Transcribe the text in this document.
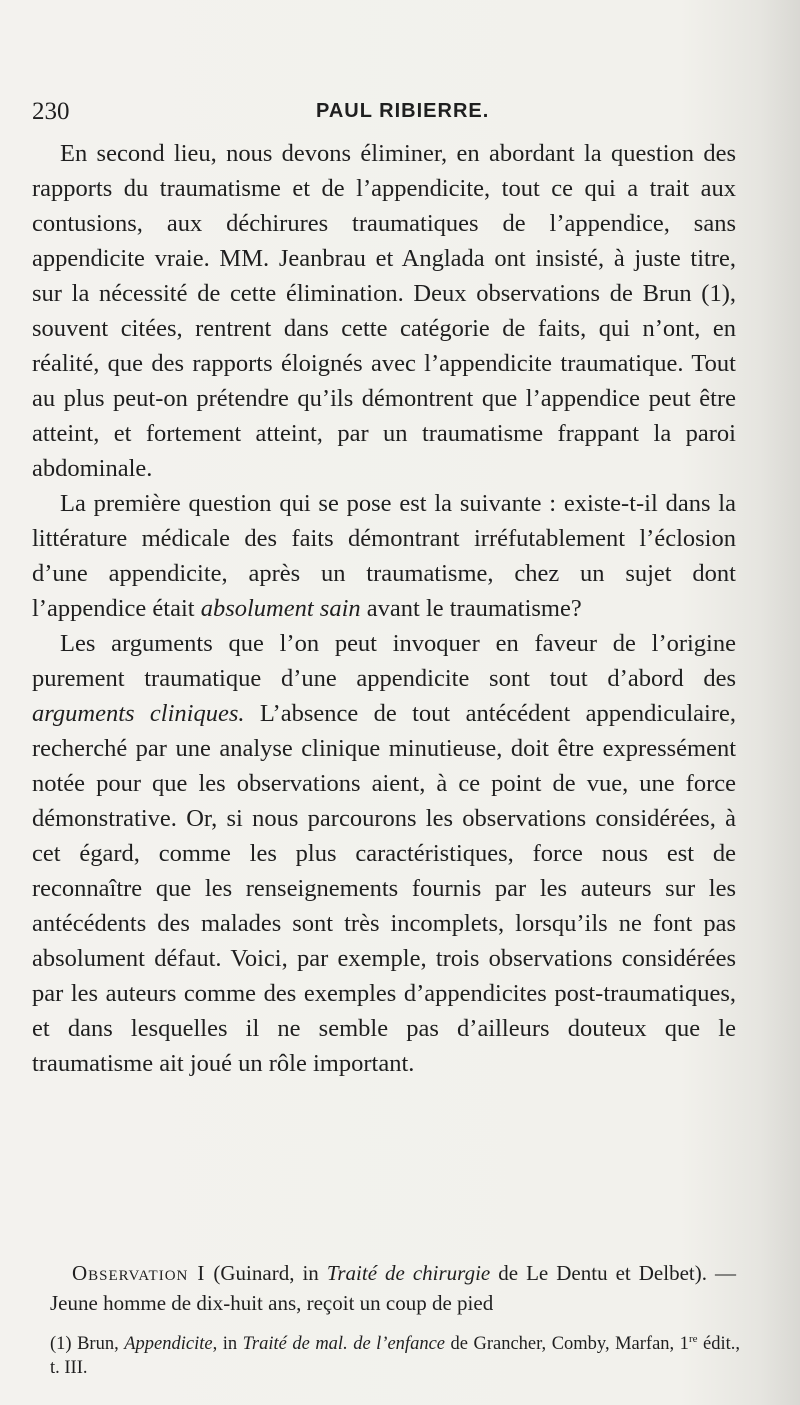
230	PAUL RIBIERRE.

En second lieu, nous devons éliminer, en abordant la question des rapports du traumatisme et de l’appendicite, tout ce qui a trait aux contusions, aux déchirures traumatiques de l’appendice, sans appendicite vraie. MM. Jeanbrau et Anglada ont insisté, à juste titre, sur la nécessité de cette élimination. Deux observations de Brun (1), souvent citées, rentrent dans cette catégorie de faits, qui n’ont, en réalité, que des rapports éloignés avec l’appendicite traumatique. Tout au plus peut-on prétendre qu’ils démontrent que l’appendice peut être atteint, et fortement atteint, par un traumatisme frappant la paroi abdominale.

La première question qui se pose est la suivante : existe-t-il dans la littérature médicale des faits démontrant irréfutablement l’éclosion d’une appendicite, après un traumatisme, chez un sujet dont l’appendice était absolument sain avant le traumatisme?

Les arguments que l’on peut invoquer en faveur de l’origine purement traumatique d’une appendicite sont tout d’abord des arguments cliniques. L’absence de tout antécédent appendiculaire, recherché par une analyse clinique minutieuse, doit être expressément notée pour que les observations aient, à ce point de vue, une force démonstrative. Or, si nous parcourons les observations considérées, à cet égard, comme les plus caractéristiques, force nous est de reconnaître que les renseignements fournis par les auteurs sur les antécédents des malades sont très incomplets, lorsqu’ils ne font pas absolument défaut. Voici, par exemple, trois observations considérées par les auteurs comme des exemples d’appendicites post-traumatiques, et dans lesquelles il ne semble pas d’ailleurs douteux que le traumatisme ait joué un rôle important.

Observation I (Guinard, in Traité de chirurgie de Le Dentu et Delbet). — Jeune homme de dix-huit ans, reçoit un coup de pied

(1) Brun, Appendicite, in Traité de mal. de l’enfance de Grancher, Comby, Marfan, 1re édit., t. III.
